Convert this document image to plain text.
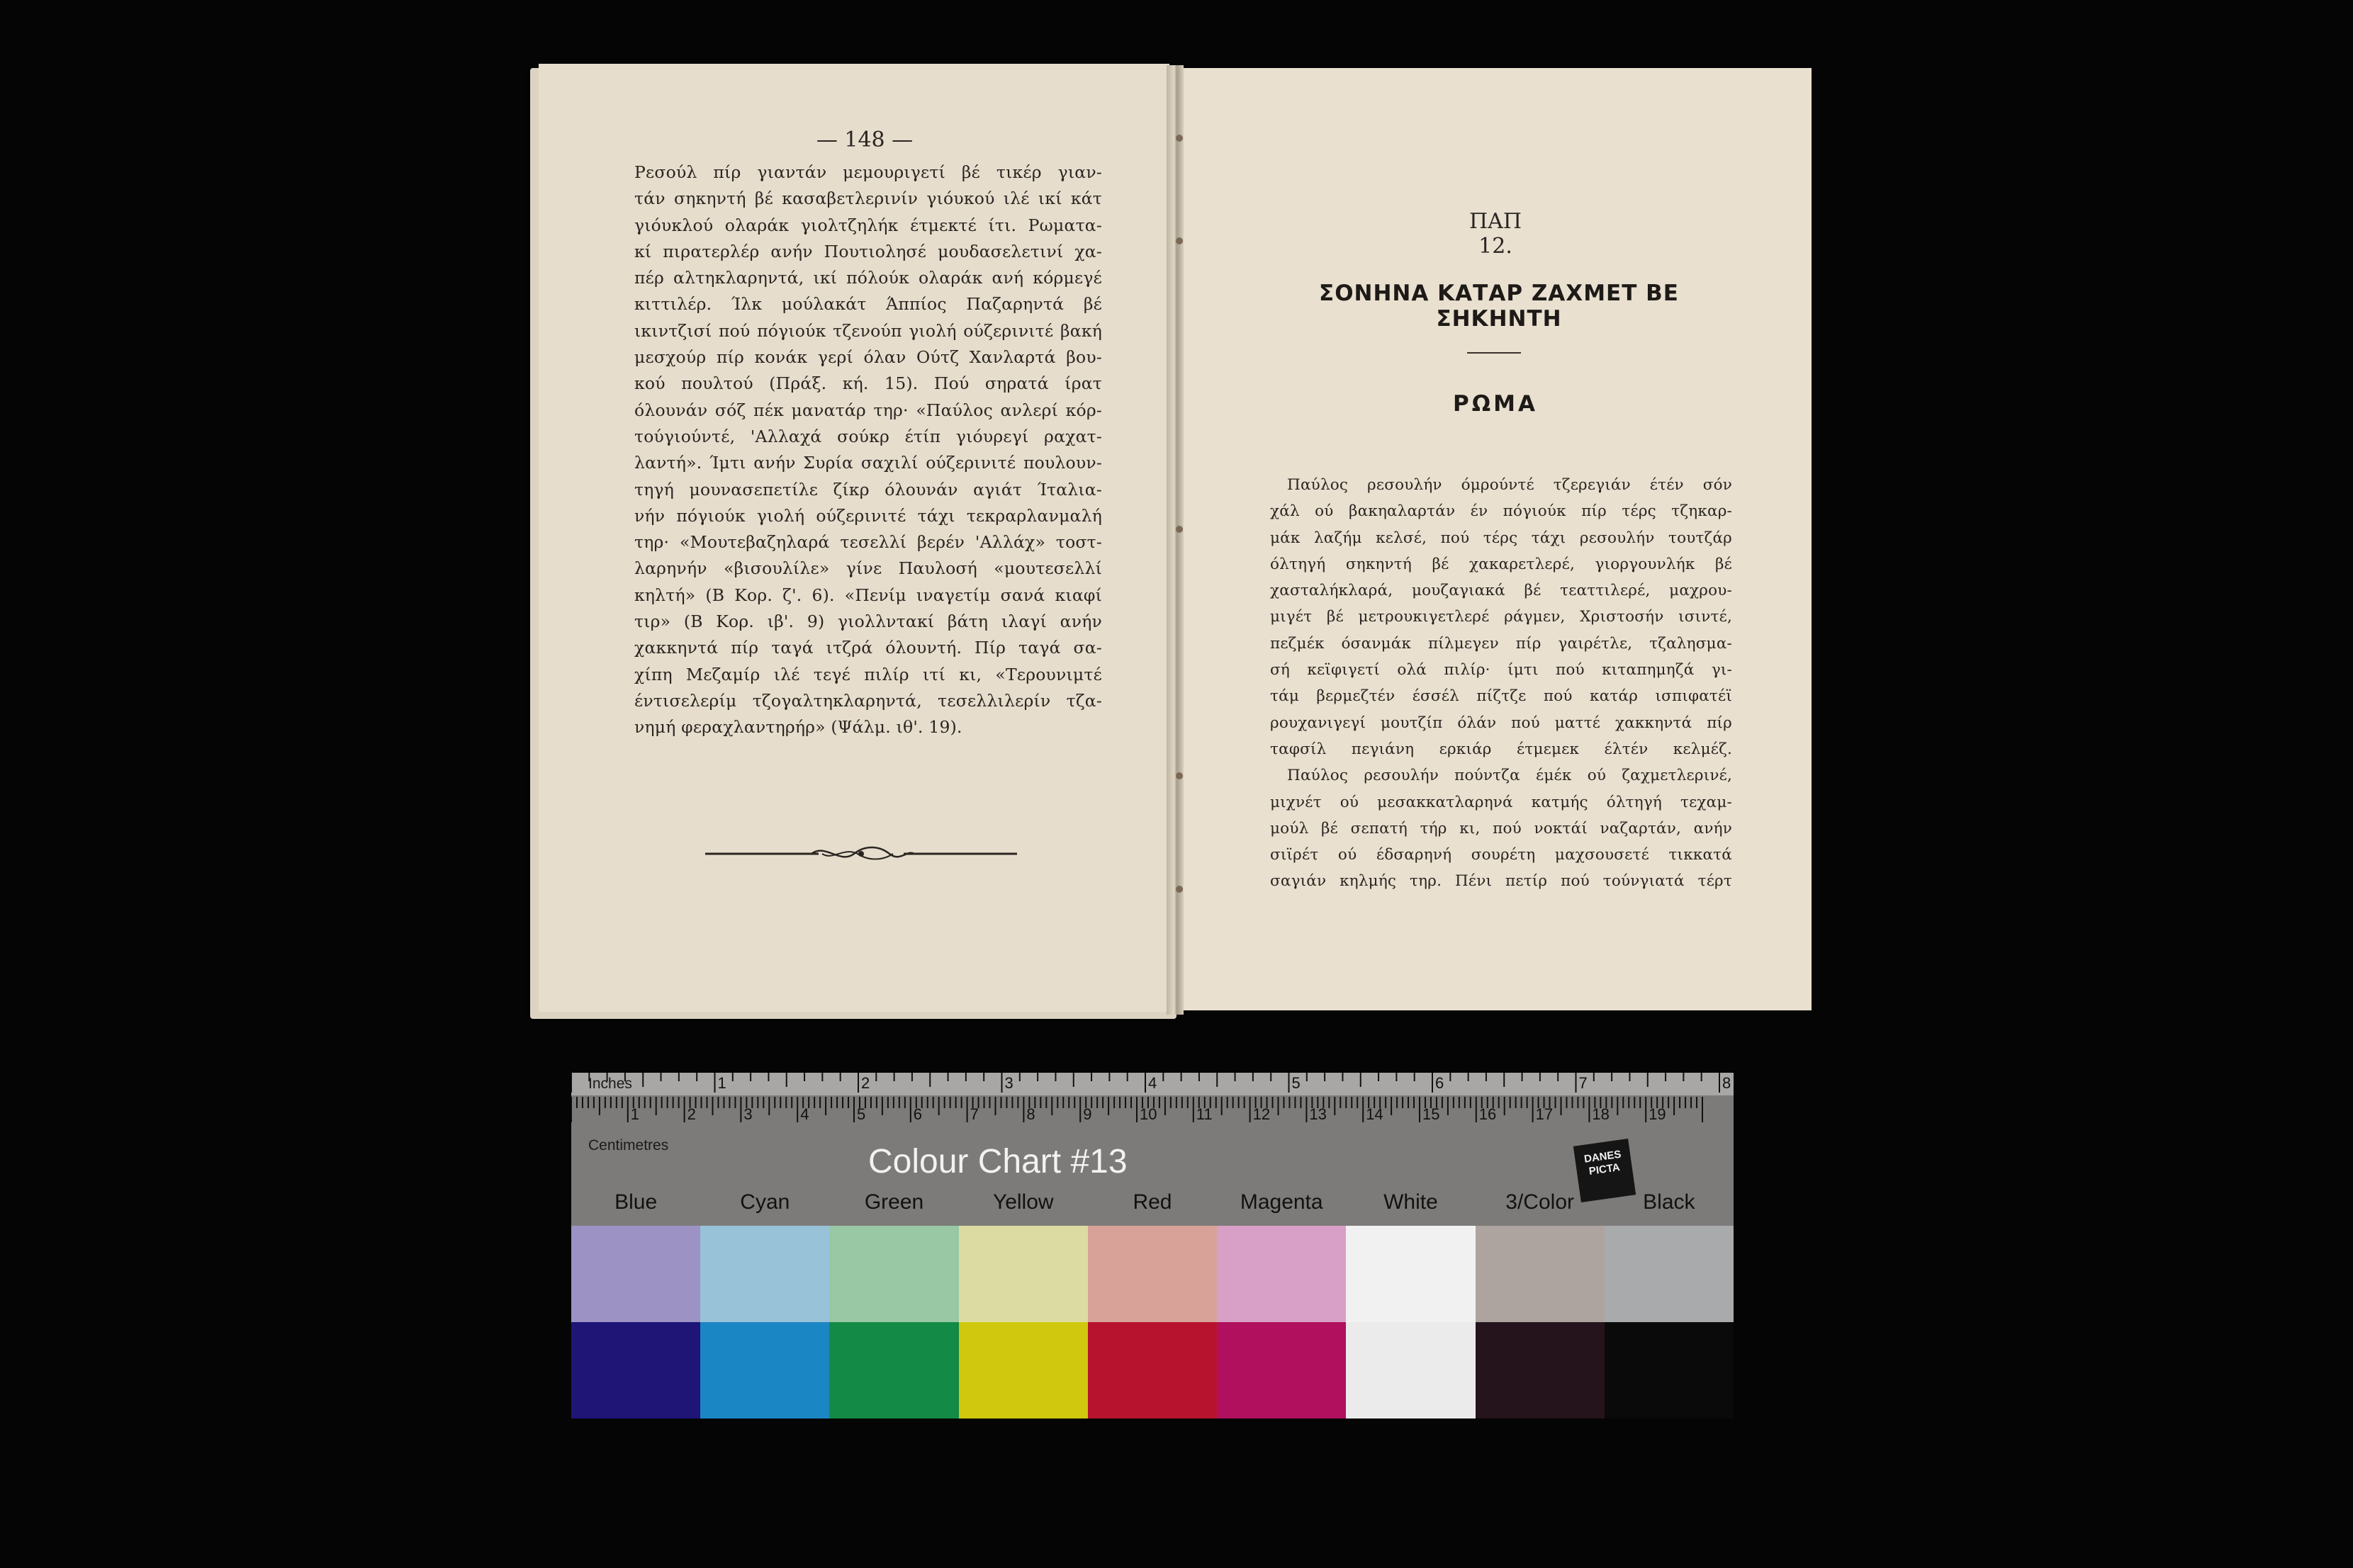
— 148 —

Ρεσούλ πίρ γιαντάν μεμουριγετί βέ τικέρ γιαν-

τάν σηκηντή βέ κασαβετλερινίν γιόυκού ιλέ ικί κάτ

γιόυκλού ολαράκ γιολτζηλήκ έτμεκτέ ίτι. Ρωματα-

κί πιρατερλέρ ανήν Πουτιολησέ μουδασελετινί χα-

πέρ αλτηκλαρηντά, ικί πόλούκ ολαράκ ανή κόρμεγέ

κιττιλέρ. Ίλκ μούλακάτ Άππίος Παζαρηντά βέ

ικιντζισί πού πόγιούκ τζενούπ γιολή ούζερινιτέ βακή

μεσχούρ πίρ κονάκ γερί όλαν Ούτζ Χανλαρτά βου-

κού πουλτού (Πράξ. κή. 15). Πού σηρατά ίρατ

όλουνάν σόζ πέκ μανατάρ τηρ· «Παύλος ανλερί κόρ-

τούγιούντέ, 'Αλλαχά σούκρ έτίπ γιόυρεγί ραχατ-

λαντή». Ίμτι ανήν Συρία σαχιλί ούζερινιτέ πουλουν-

τηγή μουνασεπετίλε ζίκρ όλουνάν αγιάτ Ίταλια-

νήν πόγιούκ γιολή ούζερινιτέ τάχι τεκραρλανμαλή

τηρ· «Μουτεβαζηλαρά τεσελλί βερέν 'Αλλάχ» τοστ-

λαρηνήν «βισουλίλε» γίνε Παυλοσή «μουτεσελλί

κηλτή» (Β Κορ. ζ'. 6). «Πενίμ ιναγετίμ σανά κιαφί

τιρ» (Β Κορ. ιβ'. 9) γιολλντακί βάτη ιλαγί ανήν

χακκηντά πίρ ταγά ιτζρά όλουντή. Πίρ ταγά σα-

χίπη Μεζαμίρ ιλέ τεγέ πιλίρ ιτί κι, «Τερουνιμτέ

έντισελερίμ τζογαλτηκλαρηντά, τεσελλιλερίν τζα-

νημή φεραχλαντηρήρ» (Ψάλμ. ιθ'. 19).

ΠΑΠ 12.
ΣΟΝΗΝΑ ΚΑΤΑΡ ΖΑΧΜΕΤ ΒΕ ΣΗΚΗΝΤΗ
ΡΩΜΑ

Παύλος ρεσουλήν όμρούντέ τζερεγιάν έτέν σόν

χάλ ού βακηαλαρτάν έν πόγιούκ πίρ τέρς τζηκαρ-

μάκ λαζήμ κελσέ, πού τέρς τάχι ρεσουλήν τουτζάρ

όλτηγή σηκηντή βέ χακαρετλερέ, γιοργουνλήκ βέ

χασταλήκλαρά, μουζαγιακά βέ τεαττιλερέ, μαχρου-

μιγέτ βέ μετρουκιγετλερέ ράγμεν, Χριστοσήν ισιντέ,

πεζμέκ όσανμάκ πίλμεγεν πίρ γαιρέτλε, τζαλησμα-

σή κεϊφιγετί ολά πιλίρ· ίμτι πού κιταπημηζά γι-

τάμ βερμεζτέν έσσέλ πίζτζε πού κατάρ ισπιφατέϊ

ρουχανιγεγί μουτζίπ όλάν πού ματτέ χακκηντά πίρ

ταφσίλ πεγιάνη ερκιάρ έτμεμεκ έλτέν κελμέζ.

Παύλος ρεσουλήν πούντζα έμέκ ού ζαχμετλερινέ,

μιχνέτ ού μεσακκατλαρηνά κατμής όλτηγή τεχαμ-

μούλ βέ σεπατή τήρ κι, πού νοκτάί ναζαρτάν, ανήν

σιϊρέτ ού έδσαρηνή σουρέτη μαχσουσετέ τικκατά

σαγιάν κηλμής τηρ. Πένι πετίρ πού τούνγιατά τέρτ

1	2	3	4	5	6	7	8
1	2	3	4	5	6	7	8	9	10	11	12	13	14	15	16	17	18	19
Inches
Centimetres	Colour Chart #13	DANES
PICTA
Blue	Cyan	Green	Yellow	Red	Magenta	White	3/Color	Black
